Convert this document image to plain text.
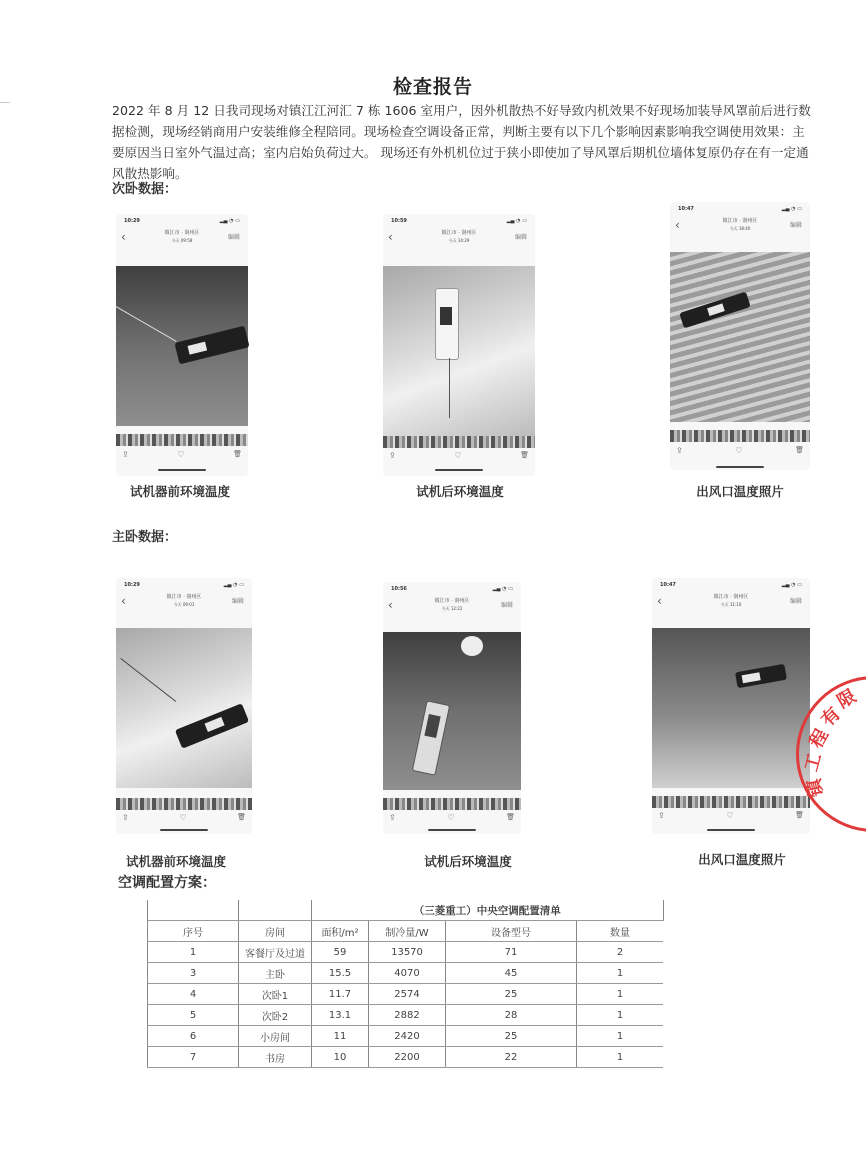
检查报告
2022 年 8 月 12 日我司现场对镇江江河汇 7 栋 1606 室用户，因外机散热不好导致内机效果不好现场加装导风罩前后进行数据检测，现场经销商用户安装维修全程陪同。现场检查空调设备正常，判断主要有以下几个影响因素影响我空调使用效果：主要原因当日室外气温过高；室内启始负荷过大。 现场还有外机机位过于狭小即使加了导风罩后期机位墙体复原仍存在有一定通风散热影响。
次卧数据：
10:29	▂▄ ◔ ▭
‹	镇江市 · 润州区
今天 09:58	编辑
⇪	♡	🗑
试机器前环境温度
10:59	▂▄ ◔ ▭
‹	镇江市 · 润州区
今天 14:29	编辑
⇪	♡	🗑
试机后环境温度
10:47	▂▄ ◔ ▭
‹	镇江市 · 润州区
今天 18:40	编辑
⇪	♡	🗑
出风口温度照片
主卧数据：
10:29	▂▄ ◔ ▭
‹	镇江市 · 润州区
今天 09:01	编辑
⇪	♡	🗑
试机器前环境温度
10:56	▂▄ ◔ ▭
‹	镇江市 · 润州区
今天 12:22	编辑
⇪	♡	🗑
试机后环境温度
10:47	▂▄ ◔ ▭
‹	镇江市 · 润州区
今天 11:10	编辑
⇪	♡	🗑
出风口温度照片
限
有
程
工
镇
空调配置方案：
		（三菱重工）中央空调配置清单			
序号	房间	面积/m²	制冷量/W	设备型号	数量
1	客餐厅及过道	59	13570	71	2
3	主卧	15.5	4070	45	1
4	次卧1	11.7	2574	25	1
5	次卧2	13.1	2882	28	1
6	小房间	11	2420	25	1
7	书房	10	2200	22	1
